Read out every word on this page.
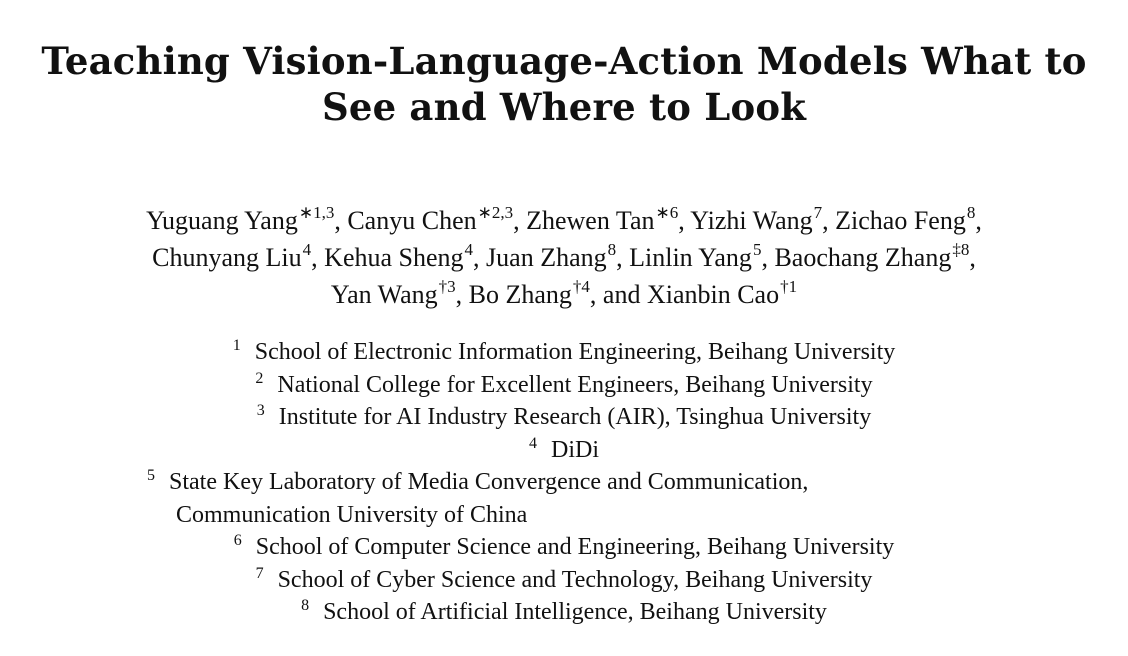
Teaching Vision-Language-Action Models What to
See and Where to Look
Yuguang Yang$^{∗1,3}$, Canyu Chen$^{∗2,3}$, Zhewen Tan$^{∗6}$, Yizhi Wang$^7$, Zichao Feng$^8$,
Chunyang Liu$^4$, Kehua Sheng$^4$, Juan Zhang$^8$, Linlin Yang$^5$, Baochang Zhang$^{\ddagger 8}$,
Yan Wang$^{\dagger 3}$, Bo Zhang$^{\dagger 4}$, and Xianbin Cao$^{\dagger 1}$
$^1$ School of Electronic Information Engineering, Beihang University
$^2$ National College for Excellent Engineers, Beihang University
$^3$ Institute for AI Industry Research (AIR), Tsinghua University
$^4$ DiDi
$^5$ State Key Laboratory of Media Convergence and Communication,
Communication University of China
$^6$ School of Computer Science and Engineering, Beihang University
$^7$ School of Cyber Science and Technology, Beihang University
$^8$ School of Artificial Intelligence, Beihang University
